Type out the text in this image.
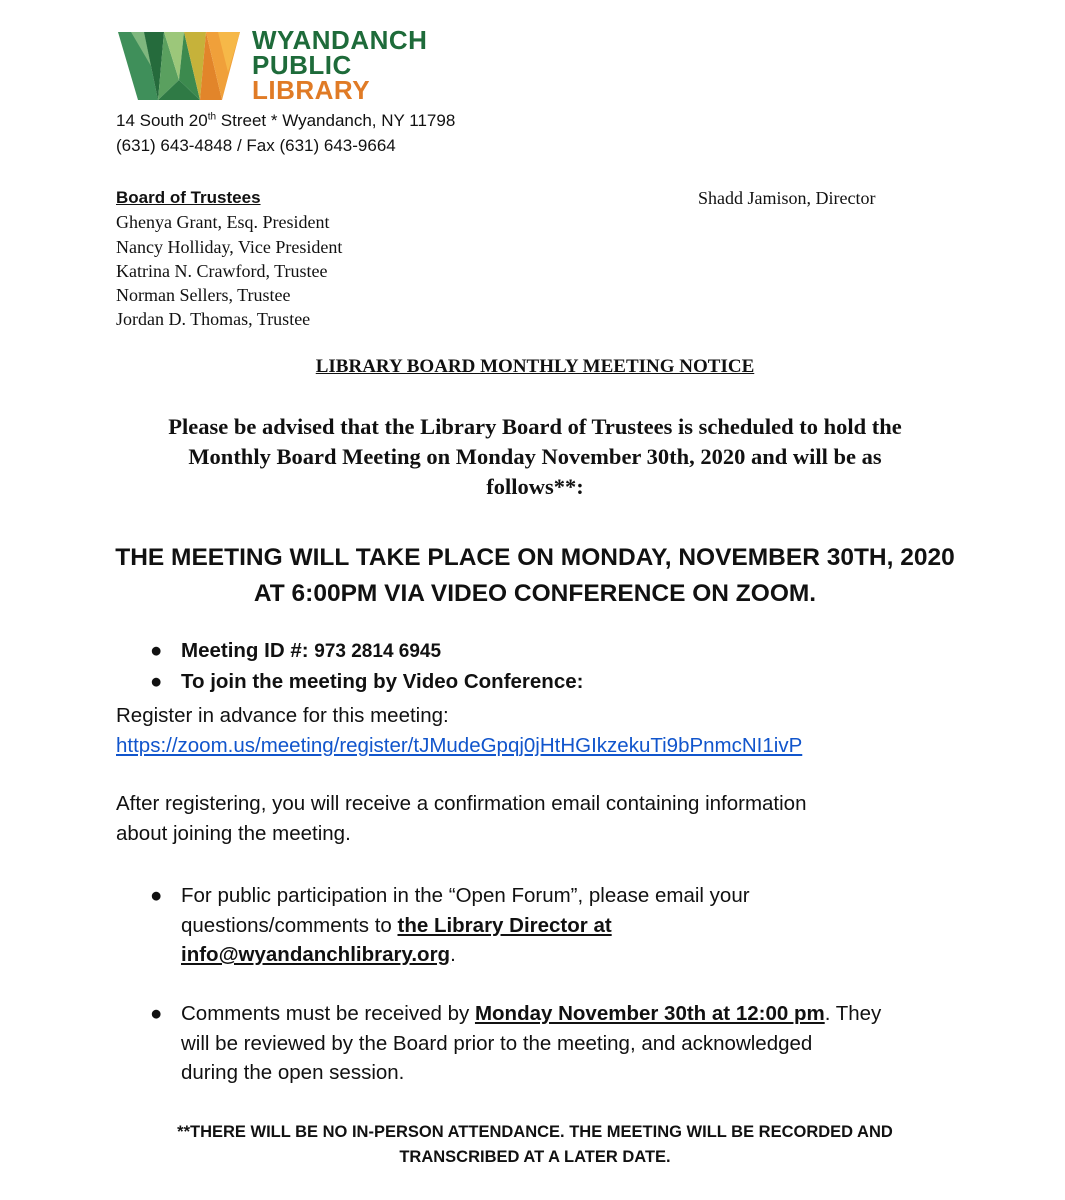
WYANDANCH
PUBLIC
LIBRARY
14 South 20th Street * Wyandanch, NY 11798
(631) 643-4848 / Fax (631) 643-9664
Board of Trustees
Ghenya Grant, Esq. President
Nancy Holliday, Vice President
Katrina N. Crawford, Trustee
Norman Sellers, Trustee
Jordan D. Thomas, Trustee
Shadd Jamison, Director
LIBRARY BOARD MONTHLY MEETING NOTICE
Please be advised that the Library Board of Trustees is scheduled to hold the
Monthly Board Meeting on Monday November 30th, 2020 and will be as
follows**:
THE MEETING WILL TAKE PLACE ON MONDAY, NOVEMBER 30TH, 2020
AT 6:00PM VIA VIDEO CONFERENCE ON ZOOM.
● Meeting ID #: 973 2814 6945
● To join the meeting by Video Conference:
Register in advance for this meeting:
https://zoom.us/meeting/register/tJMudeGpqj0jHtHGIkzekuTi9bPnmcNI1ivP
After registering, you will receive a confirmation email containing information
about joining the meeting.
● For public participation in the “Open Forum”, please email your
questions/comments to the Library Director at
info@wyandanchlibrary.org.
● Comments must be received by Monday November 30th at 12:00 pm. They
will be reviewed by the Board prior to the meeting, and acknowledged
during the open session.
**THERE WILL BE NO IN-PERSON ATTENDANCE. THE MEETING WILL BE RECORDED AND
TRANSCRIBED AT A LATER DATE.
